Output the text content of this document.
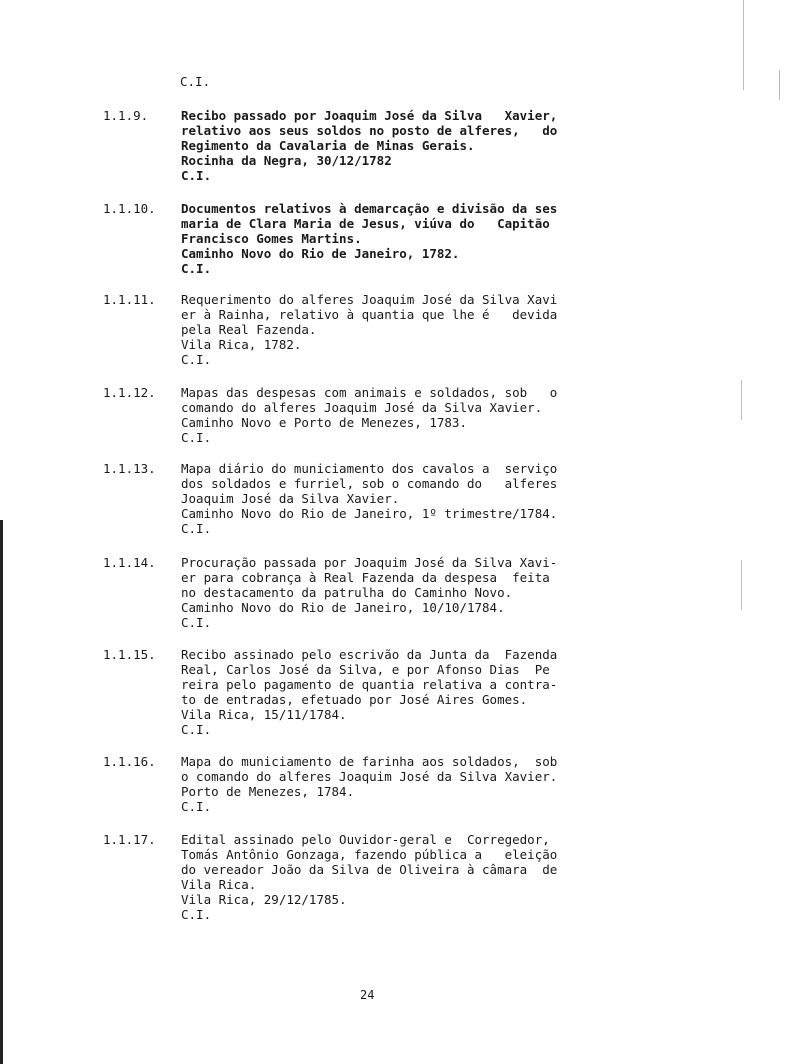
C.I.
1.1.9.	Recibo passado por Joaquim José da Silva   Xavier,
relativo aos seus soldos no posto de alferes,   do
Regimento da Cavalaria de Minas Gerais.
Rocinha da Negra, 30/12/1782
C.I.
1.1.10. Documentos relativos à demarcação e divisão da ses
maria de Clara Maria de Jesus, viúva do   Capitão
Francisco Gomes Martins.
Caminho Novo do Rio de Janeiro, 1782.
C.I.
1.1.11. Requerimento do alferes Joaquim José da Silva Xavi
er à Rainha, relativo à quantia que lhe é   devida
pela Real Fazenda.
Vila Rica, 1782.
C.I.
1.1.12. Mapas das despesas com animais e soldados, sob   o
comando do alferes Joaquim José da Silva Xavier.
Caminho Novo e Porto de Menezes, 1783.
C.I.
1.1.13. Mapa diário do municiamento dos cavalos a  serviço
dos soldados e furriel, sob o comando do   alferes
Joaquim José da Silva Xavier.
Caminho Novo do Rio de Janeiro, 1º trimestre/1784.
C.I.
1.1.14. Procuração passada por Joaquim José da Silva Xavi-
er para cobrança à Real Fazenda da despesa  feita
no destacamento da patrulha do Caminho Novo.
Caminho Novo do Rio de Janeiro, 10/10/1784.
C.I.
1.1.15. Recibo assinado pelo escrivão da Junta da  Fazenda
Real, Carlos José da Silva, e por Afonso Dias  Pe
reira pelo pagamento de quantia relativa a contra-
to de entradas, efetuado por José Aires Gomes.
Vila Rica, 15/11/1784.
C.I.
1.1.16. Mapa do municiamento de farinha aos soldados,  sob
o comando do alferes Joaquim José da Silva Xavier.
Porto de Menezes, 1784.
C.I.
1.1.17. Edital assinado pelo Ouvidor-geral e  Corregedor,
Tomás Antônio Gonzaga, fazendo pública a   eleição
do vereador João da Silva de Oliveira à câmara  de
Vila Rica.
Vila Rica, 29/12/1785.
C.I.
24
